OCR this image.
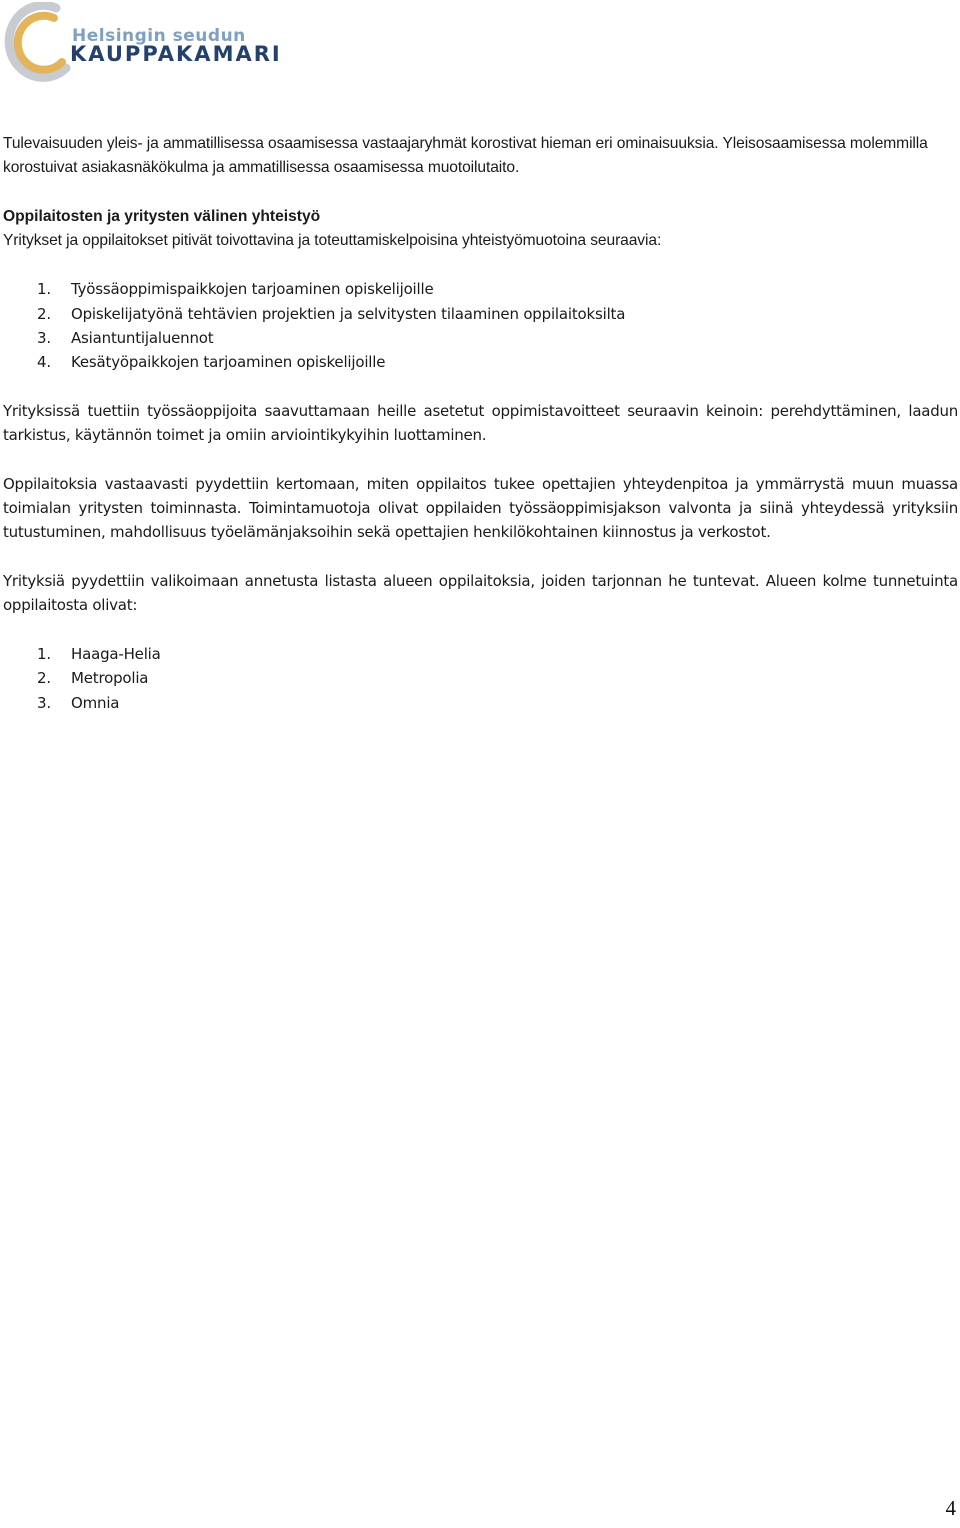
Helsingin seudun
KAUPPAKAMARI

Tulevaisuuden yleis- ja ammatillisessa osaamisessa vastaajaryhmät korostivat hieman eri ominaisuuksia. Yleisosaamisessa molemmilla korostuivat asiakasnäkökulma ja ammatillisessa osaamisessa muotoilutaito.

Oppilaitosten ja yritysten välinen yhteistyö

Yritykset ja oppilaitokset pitivät toivottavina ja toteuttamiskelpoisina yhteistyömuotoina seuraavia:

1.	Työssäoppimispaikkojen tarjoaminen opiskelijoille
2.	Opiskelijatyönä tehtävien projektien ja selvitysten tilaaminen oppilaitoksilta
3.	Asiantuntijaluennot
4.	Kesätyöpaikkojen tarjoaminen opiskelijoille

Yrityksissä tuettiin työssäoppijoita saavuttamaan heille asetetut oppimistavoitteet seuraavin keinoin: perehdyttäminen, laadun tarkistus, käytännön toimet ja omiin arviointikykyihin luottaminen.

Oppilaitoksia vastaavasti pyydettiin kertomaan, miten oppilaitos tukee opettajien yhteydenpitoa ja ymmärrystä muun muassa toimialan yritysten toiminnasta. Toimintamuotoja olivat oppilaiden työssäoppimisjakson valvonta ja siinä yhteydessä yrityksiin tutustuminen, mahdollisuus työelämänjaksoihin sekä opettajien henkilökohtainen kiinnostus ja verkostot.

Yrityksiä pyydettiin valikoimaan annetusta listasta alueen oppilaitoksia, joiden tarjonnan he tuntevat. Alueen kolme tunnetuinta oppilaitosta olivat:

1.	Haaga-Helia
2.	Metropolia
3.	Omnia
4
